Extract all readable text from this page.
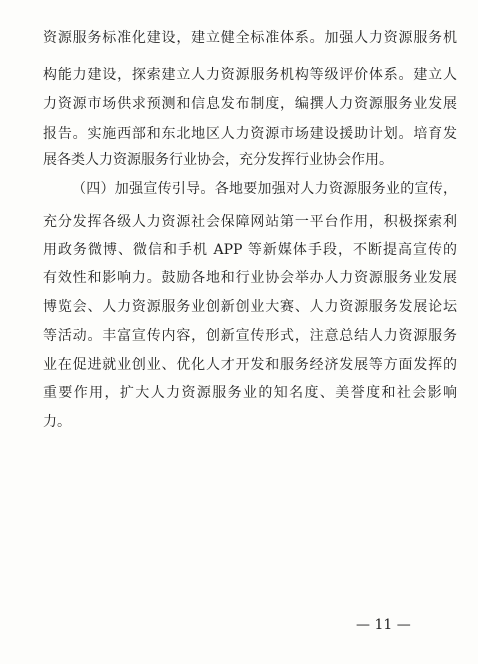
资源服务标准化建设，建立健全标准体系。加强人力资源服务机
构能力建设，探索建立人力资源服务机构等级评价体系。建立人
力资源市场供求预测和信息发布制度，编撰人力资源服务业发展
报告。实施西部和东北地区人力资源市场建设援助计划。培育发
展各类人力资源服务行业协会，充分发挥行业协会作用。
（四）加强宣传引导。各地要加强对人力资源服务业的宣传，
充分发挥各级人力资源社会保障网站第一平台作用，积极探索利
用政务微博、微信和手机 APP 等新媒体手段，不断提高宣传的
有效性和影响力。鼓励各地和行业协会举办人力资源服务业发展
博览会、人力资源服务业创新创业大赛、人力资源服务发展论坛
等活动。丰富宣传内容，创新宣传形式，注意总结人力资源服务
业在促进就业创业、优化人才开发和服务经济发展等方面发挥的
重要作用，扩大人力资源服务业的知名度、美誉度和社会影响
力。
— 11 —
